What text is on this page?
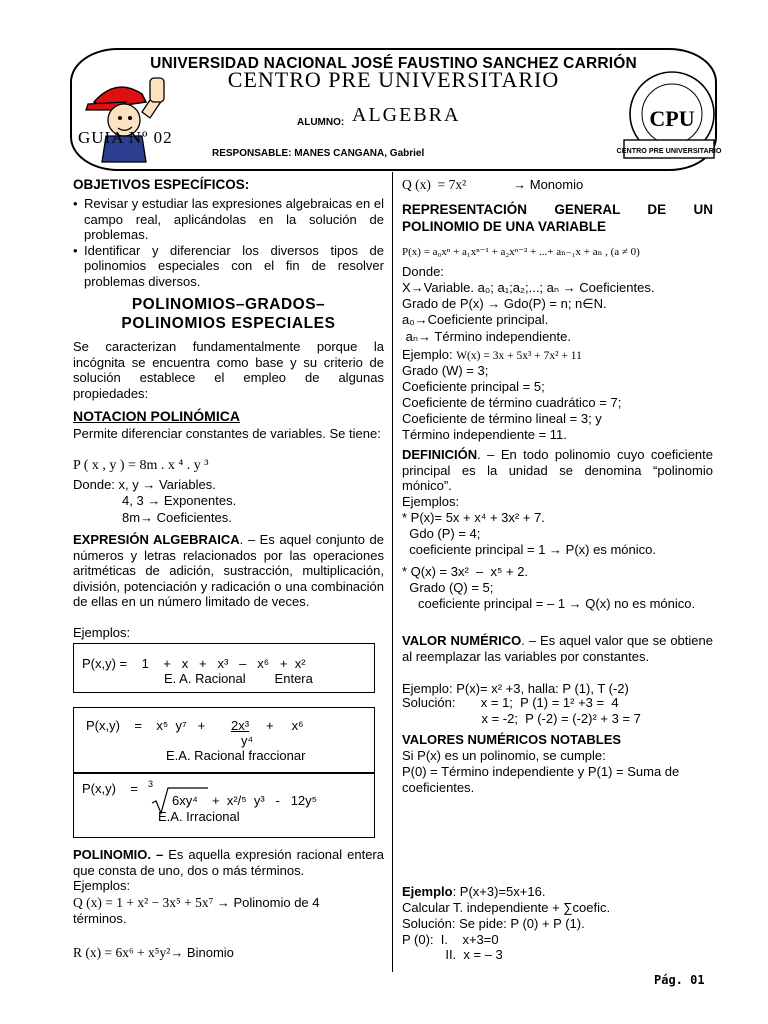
UNIVERSIDAD NACIONAL JOSÉ FAUSTINO SANCHEZ CARRIÓN
CENTRO PRE UNIVERSITARIO
GUIA Nº 02
ALUMNO: ALGEBRA
RESPONSABLE: MANES CANGANA, Gabriel
CPU
CENTRO PRE UNIVERSITARIO
OBJETIVOS ESPECÍFICOS:
• Revisar y estudiar las expresiones algebraicas en el campo real, aplicándolas en la solución de problemas.
• Identificar y diferenciar los diversos tipos de polinomios especiales con el fin de resolver problemas diversos.
POLINOMIOS–GRADOS–
POLINOMIOS ESPECIALES
Se caracterizan fundamentalmente porque la incógnita se encuentra como base y su criterio de solución establece el empleo de algunas propiedades:
NOTACION POLINÓMICA
Permite diferenciar constantes de variables. Se tiene:
P ( x , y ) = 8m . x ⁴ . y ³
Donde: x, y → Variables.
4, 3 → Exponentes.
8m→ Coeficientes.
EXPRESIÓN ALGEBRAICA. – Es aquel conjunto de números y letras relacionados por las operaciones aritméticas de adición, sustracción, multiplicación, división, potenciación y radicación o una combinación de ellas en un número limitado de veces.
Ejemplos:
P(x,y) =    1    +   x   +   x³   –   x⁶   +  x²
E. A. Racional        Entera
P(x,y)    =    x⁵  y⁷   + 2x³
y⁴
+     x⁶
E.A. Racional fraccionar
P(x,y)    = 3
6xy⁴ +  x²/⁵  y³   -   12y⁵
E.A. Irracional
POLINOMIO. – Es aquella expresión racional entera que consta de uno, dos o más términos.
Ejemplos:
Q (x) = 1 + x² − 3x⁵ + 5x⁷ → Polinomio de 4
términos.
R (x) = 6x⁶ + x⁵y²→ Binomio
Q (x)  = 7x²	→ Monomio
REPRESENTACIÓN GENERAL DE UN POLINOMIO DE UNA VARIABLE
P(x) = a₀xⁿ + a₁xⁿ⁻¹ + a₂xⁿ⁻² + ...+ aₙ₋₁x + aₙ , (a ≠ 0)
Donde:
X→Variable. a₀; a₁;a₂;...; aₙ → Coeficientes.
Grado de P(x) → Gdo(P) = n; n∈N.
a₀→Coeficiente principal.
aₙ→ Término independiente.
Ejemplo: W(x) = 3x + 5x³ + 7x² + 11
Grado (W) = 3;
Coeficiente principal = 5;
Coeficiente de término cuadrático = 7;
Coeficiente de término lineal = 3; y
Término independiente = 11.
DEFINICIÓN. – En todo polinomio cuyo coeficiente principal es la unidad se denomina “polinomio mónico”.
Ejemplos:
* P(x)= 5x + x⁴ + 3x² + 7.
Gdo (P) = 4;
coeficiente principal = 1 → P(x) es mónico.
* Q(x) = 3x²  –  x⁵ + 2.
Grado (Q) = 5;
coeficiente principal = – 1 → Q(x) no es mónico.
VALOR NUMÉRICO. – Es aquel valor que se obtiene al reemplazar las variables por constantes.
Ejemplo: P(x)= x² +3, halla: P (1), T (-2)
Solución:       x = 1;  P (1) = 1² +3 =  4
x = -2;  P (-2) = (-2)² + 3 = 7
VALORES NUMÉRICOS NOTABLES
Si P(x) es un polinomio, se cumple:
P(0) = Término independiente y P(1) = Suma de coeficientes.
Ejemplo: P(x+3)=5x+16.
Calcular T. independiente + ∑coefic.
Solución: Se pide: P (0) + P (1).
P (0):  I.    x+3=0
II.  x = – 3
Pág. 01
